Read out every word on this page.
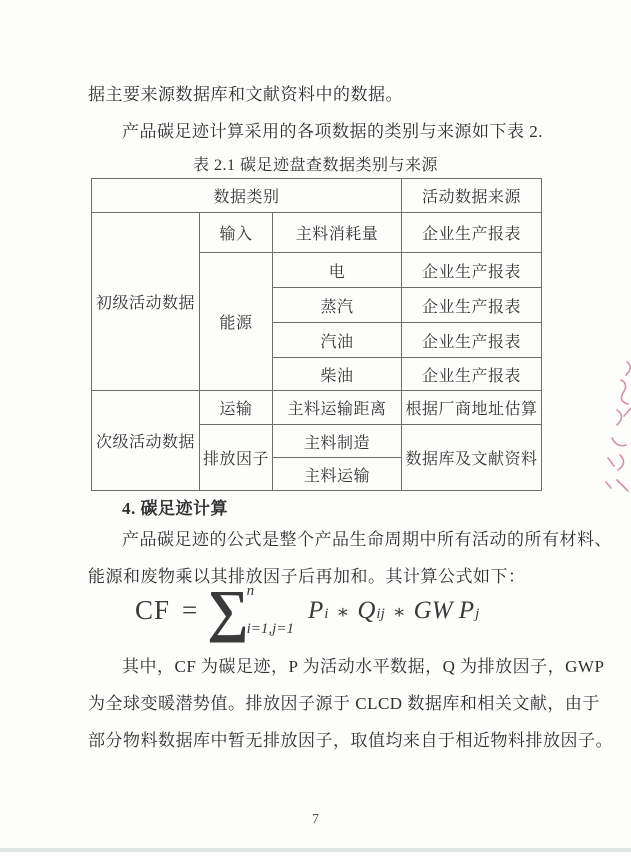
据主要来源数据库和文献资料中的数据。
产品碳足迹计算采用的各项数据的类别与来源如下表 2.
表 2.1 碳足迹盘查数据类别与来源
数据类别			活动数据来源
初级活动数据	输入	主料消耗量	企业生产报表
	能源	电	企业生产报表
		蒸汽	企业生产报表
		汽油	企业生产报表
		柴油	企业生产报表
次级活动数据	运输	主料运输距离	根据厂商地址估算
	排放因子	主料制造	数据库及文献资料
		主料运输	
4. 碳足迹计算
产品碳足迹的公式是整个产品生命周期中所有活动的所有材料、
能源和废物乘以其排放因子后再加和。其计算公式如下：
CF = ∑
n
i=1,j=1
P i ∗ Q ij ∗ GW P j
其中，CF 为碳足迹，P 为活动水平数据，Q 为排放因子，GWP
为全球变暖潜势值。排放因子源于 CLCD 数据库和相关文献，由于
部分物料数据库中暂无排放因子，取值均来自于相近物料排放因子。
7
